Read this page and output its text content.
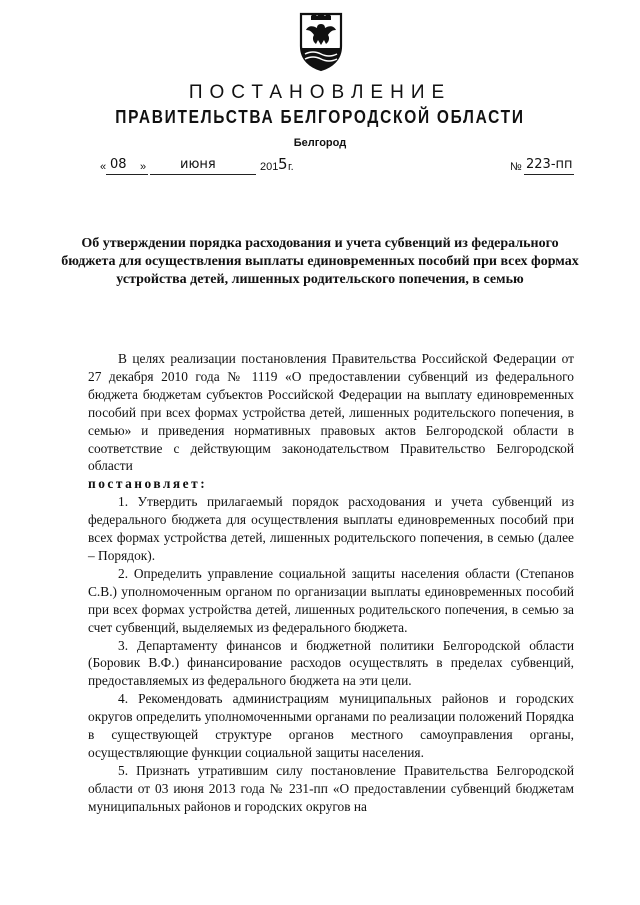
ПОСТАНОВЛЕНИЕ
ПРАВИТЕЛЬСТВА БЕЛГОРОДСКОЙ ОБЛАСТИ
Белгород
« 08 »	июня	201 5 г.	№ 223-пп
Об утверждении порядка расходования и учета субвенций из федерального бюджета для осуществления выплаты единовременных пособий при всех формах устройства детей, лишенных родительского попечения, в семью

В целях реализации постановления Правительства Российской Федерации от 27 декабря 2010 года № 1119 «О предоставлении субвенций из федерального бюджета бюджетам субъектов Российской Федерации на выплату единовременных пособий при всех формах устройства детей, лишенных родительского попечения, в семью» и приведения нормативных правовых актов Белгородской области в соответствие с действующим законодательством Правительство Белгородской области

постановляет:

1. Утвердить прилагаемый порядок расходования и учета субвенций из федерального бюджета для осуществления выплаты единовременных пособий при всех формах устройства детей, лишенных родительского попечения, в семью (далее – Порядок).

2. Определить управление социальной защиты населения области (Степанов С.В.) уполномоченным органом по организации выплаты единовременных пособий при всех формах устройства детей, лишенных родительского попечения, в семью за счет субвенций, выделяемых из федерального бюджета.

3. Департаменту финансов и бюджетной политики Белгородской области (Боровик В.Ф.) финансирование расходов осуществлять в пределах субвенций, предоставляемых из федерального бюджета на эти цели.

4. Рекомендовать администрациям муниципальных районов и городских округов определить уполномоченными органами по реализации положений Порядка в существующей структуре органов местного самоуправления органы, осуществляющие функции социальной защиты населения.

5. Признать утратившим силу постановление Правительства Белгородской области от 03 июня 2013 года № 231-пп «О предоставлении субвенций бюджетам муниципальных районов и городских округов на
